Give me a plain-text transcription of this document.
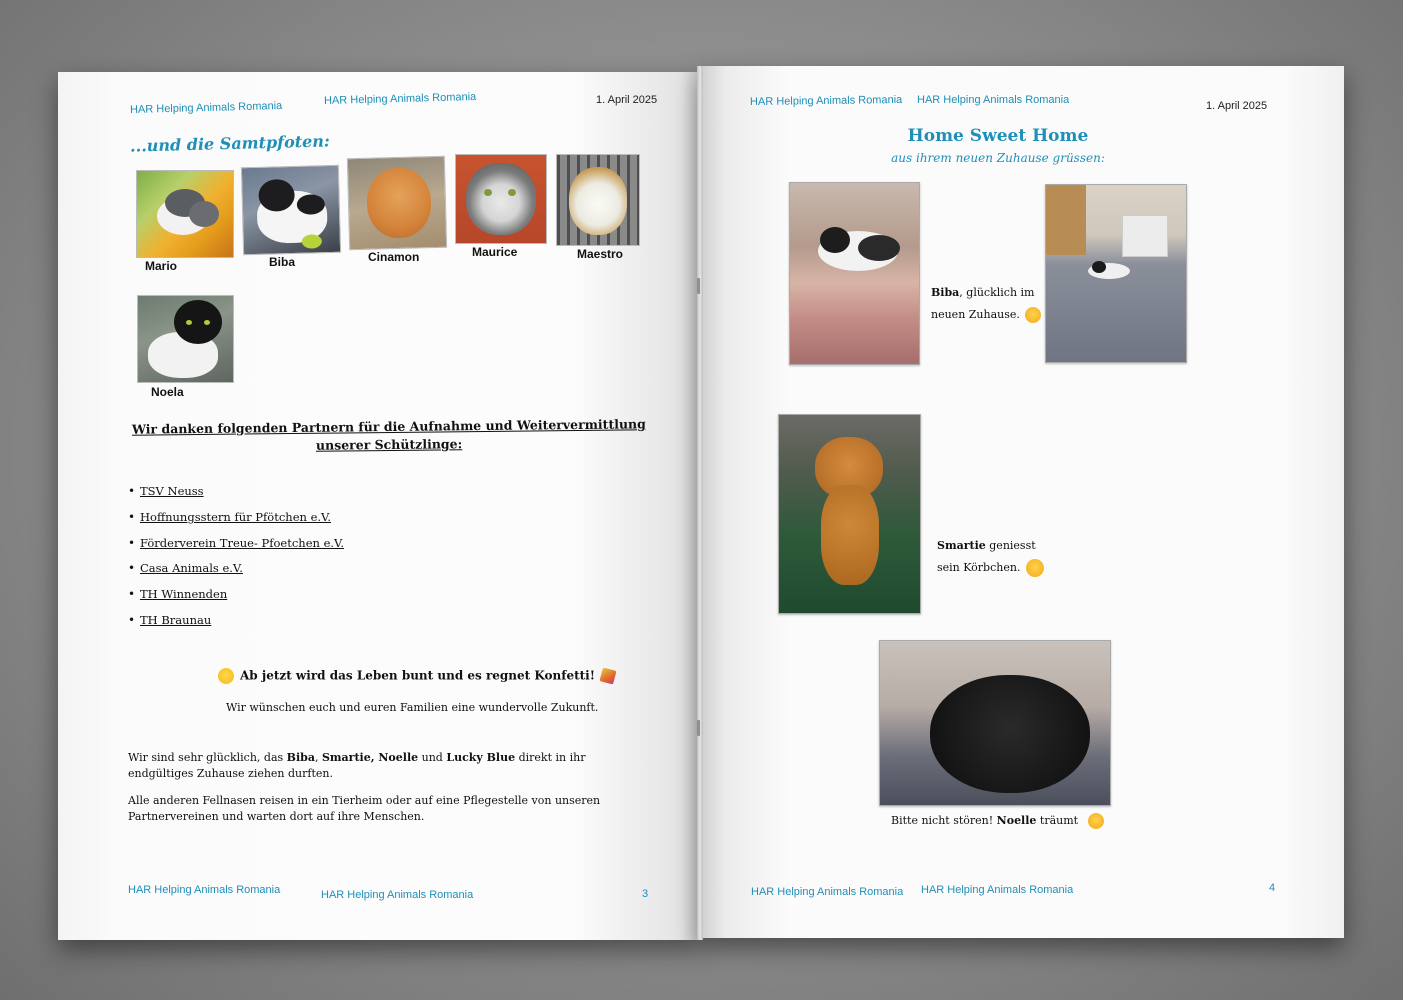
HAR Helping Animals Romania
HAR Helping Animals Romania	1. April 2025
...und die Samtpfoten:
Mario	Biba	Cinamon	Maurice	Maestro
Noela
Wir danken folgenden Partnern für die Aufnahme und Weitervermittlung unserer Schützlinge:
• TSV Neuss
• Hoffnungsstern für Pfötchen e.V.
• Förderverein Treue- Pfoetchen e.V.
• Casa Animals e.V.
• TH Winnenden
• TH Braunau
Ab jetzt wird das Leben bunt und es regnet Konfetti!
Wir wünschen euch und euren Familien eine wundervolle Zukunft.
Wir sind sehr glücklich, das Biba, Smartie, Noelle und Lucky Blue direkt in ihr endgültiges Zuhause ziehen durften.
Alle anderen Fellnasen reisen in ein Tierheim oder auf eine Pflegestelle von unseren Partnervereinen und warten dort auf ihre Menschen.
HAR Helping Animals Romania	HAR Helping Animals Romania	3
HAR Helping Animals Romania HAR Helping Animals Romania	1. April 2025
Home Sweet Home
aus ihrem neuen Zuhause grüssen:
Biba, glücklich im
neuen Zuhause.
Smartie geniesst
sein Körbchen.
Bitte nicht stören! Noelle träumt
HAR Helping Animals Romania HAR Helping Animals Romania	4
